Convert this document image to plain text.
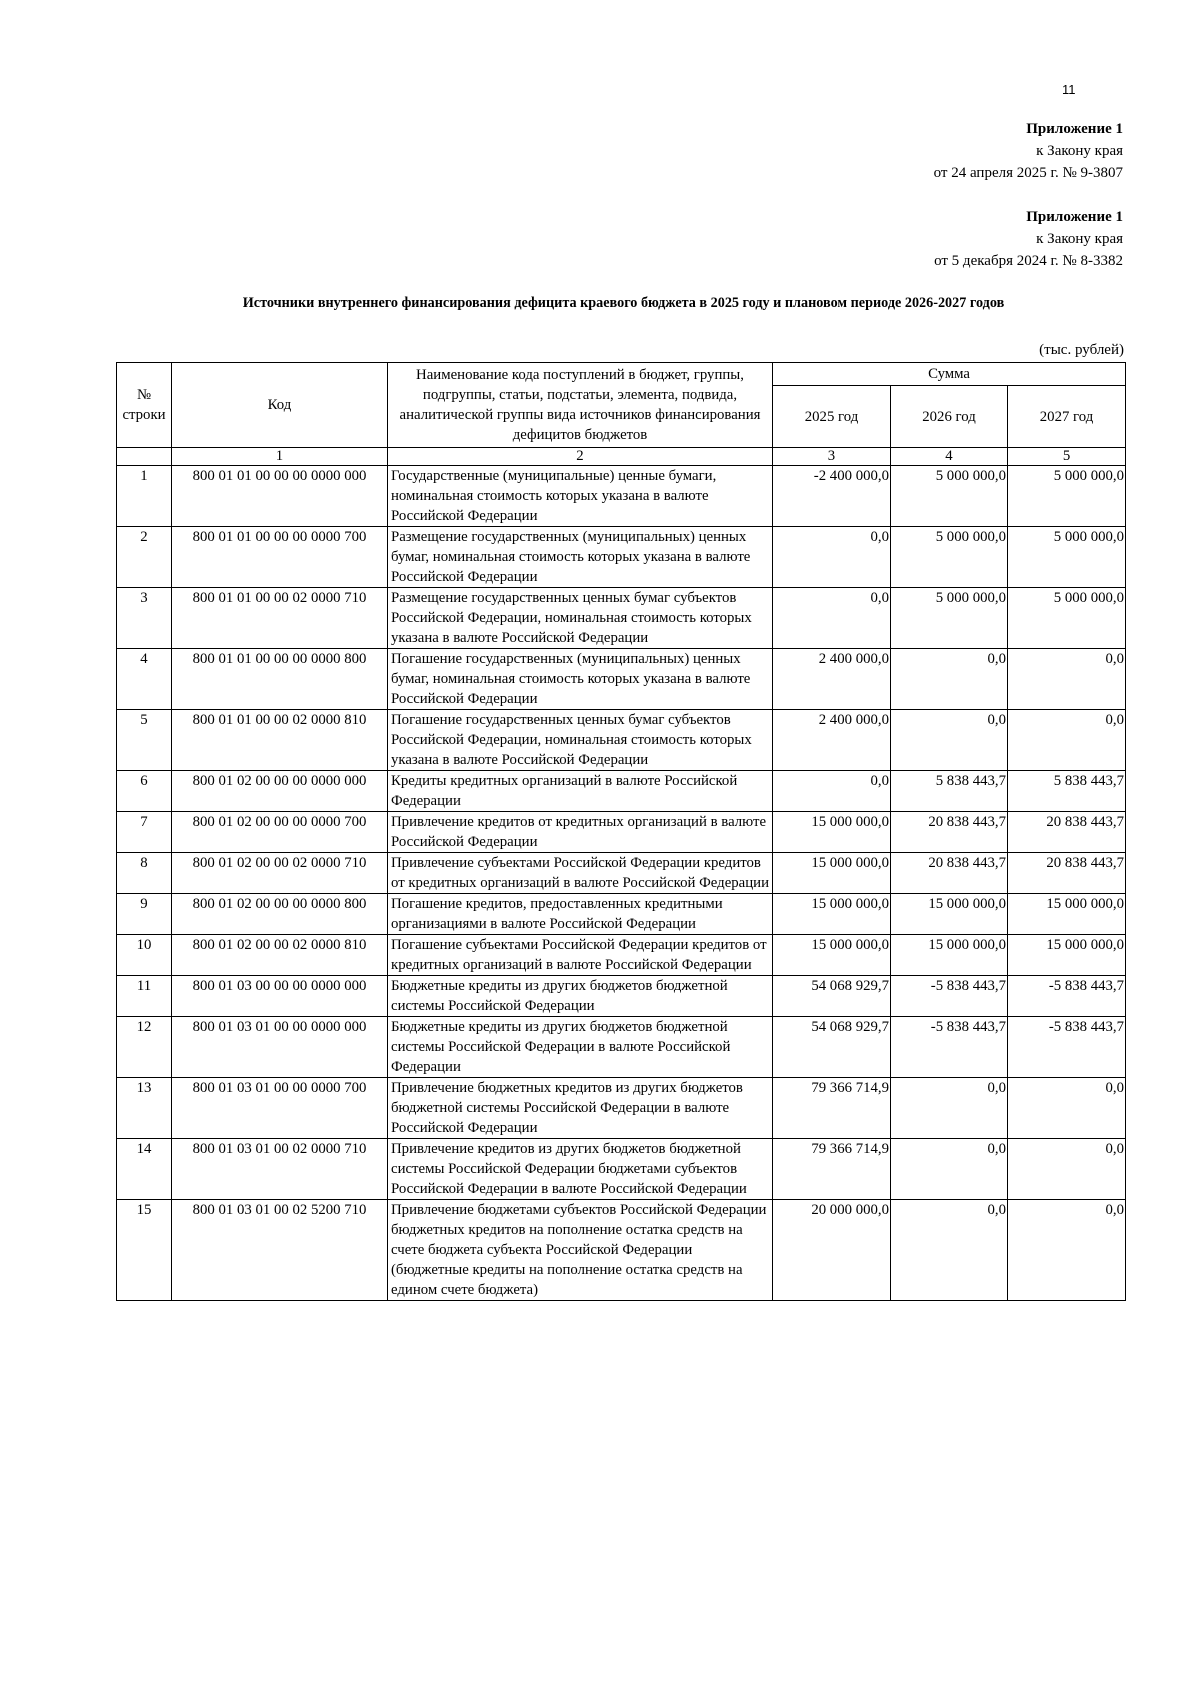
11
Приложение 1
к Закону края
от 24 апреля 2025 г. № 9-3807
Приложение 1
к Закону края
от 5 декабря 2024 г. № 8-3382
Источники внутреннего финансирования дефицита краевого бюджета в 2025 году и плановом периоде 2026-2027 годов
(тыс. рублей)
№ строки	Код	Наименование кода поступлений в бюджет, группы, подгруппы, статьи, подстатьи, элемента, подвида, аналитической группы вида источников финансирования дефицитов бюджетов	Сумма		
			2025 год	2026 год	2027 год
	1	2	3	4	5
1	800 01 01 00 00 00 0000 000	Государственные (муниципальные) ценные бумаги, номинальная стоимость которых указана в валюте Российской Федерации	-2 400 000,0	5 000 000,0	5 000 000,0
2	800 01 01 00 00 00 0000 700	Размещение государственных (муниципальных) ценных бумаг, номинальная стоимость которых указана в валюте Российской Федерации	0,0	5 000 000,0	5 000 000,0
3	800 01 01 00 00 02 0000 710	Размещение государственных ценных бумаг субъектов Российской Федерации, номинальная стоимость которых указана в валюте Российской Федерации	0,0	5 000 000,0	5 000 000,0
4	800 01 01 00 00 00 0000 800	Погашение государственных (муниципальных) ценных бумаг, номинальная стоимость которых указана в валюте Российской Федерации	2 400 000,0	0,0	0,0
5	800 01 01 00 00 02 0000 810	Погашение государственных ценных бумаг субъектов Российской Федерации, номинальная стоимость которых указана в валюте Российской Федерации	2 400 000,0	0,0	0,0
6	800 01 02 00 00 00 0000 000	Кредиты кредитных организаций в валюте Российской Федерации	0,0	5 838 443,7	5 838 443,7
7	800 01 02 00 00 00 0000 700	Привлечение кредитов от кредитных организаций в валюте Российской Федерации	15 000 000,0	20 838 443,7	20 838 443,7
8	800 01 02 00 00 02 0000 710	Привлечение субъектами Российской Федерации кредитов от кредитных организаций в валюте Российской Федерации	15 000 000,0	20 838 443,7	20 838 443,7
9	800 01 02 00 00 00 0000 800	Погашение кредитов, предоставленных кредитными организациями в валюте Российской Федерации	15 000 000,0	15 000 000,0	15 000 000,0
10	800 01 02 00 00 02 0000 810	Погашение субъектами Российской Федерации кредитов от кредитных организаций в валюте Российской Федерации	15 000 000,0	15 000 000,0	15 000 000,0
11	800 01 03 00 00 00 0000 000	Бюджетные кредиты из других бюджетов бюджетной системы Российской Федерации	54 068 929,7	-5 838 443,7	-5 838 443,7
12	800 01 03 01 00 00 0000 000	Бюджетные кредиты из других бюджетов бюджетной системы Российской Федерации в валюте Российской Федерации	54 068 929,7	-5 838 443,7	-5 838 443,7
13	800 01 03 01 00 00 0000 700	Привлечение бюджетных кредитов из других бюджетов бюджетной системы Российской Федерации в валюте Российской Федерации	79 366 714,9	0,0	0,0
14	800 01 03 01 00 02 0000 710	Привлечение кредитов из других бюджетов бюджетной системы Российской Федерации бюджетами субъектов Российской Федерации в валюте Российской Федерации	79 366 714,9	0,0	0,0
15	800 01 03 01 00 02 5200 710	Привлечение бюджетами субъектов Российской Федерации бюджетных кредитов на пополнение остатка средств на счете бюджета субъекта Российской Федерации (бюджетные кредиты на пополнение остатка средств на едином счете бюджета)	20 000 000,0	0,0	0,0
